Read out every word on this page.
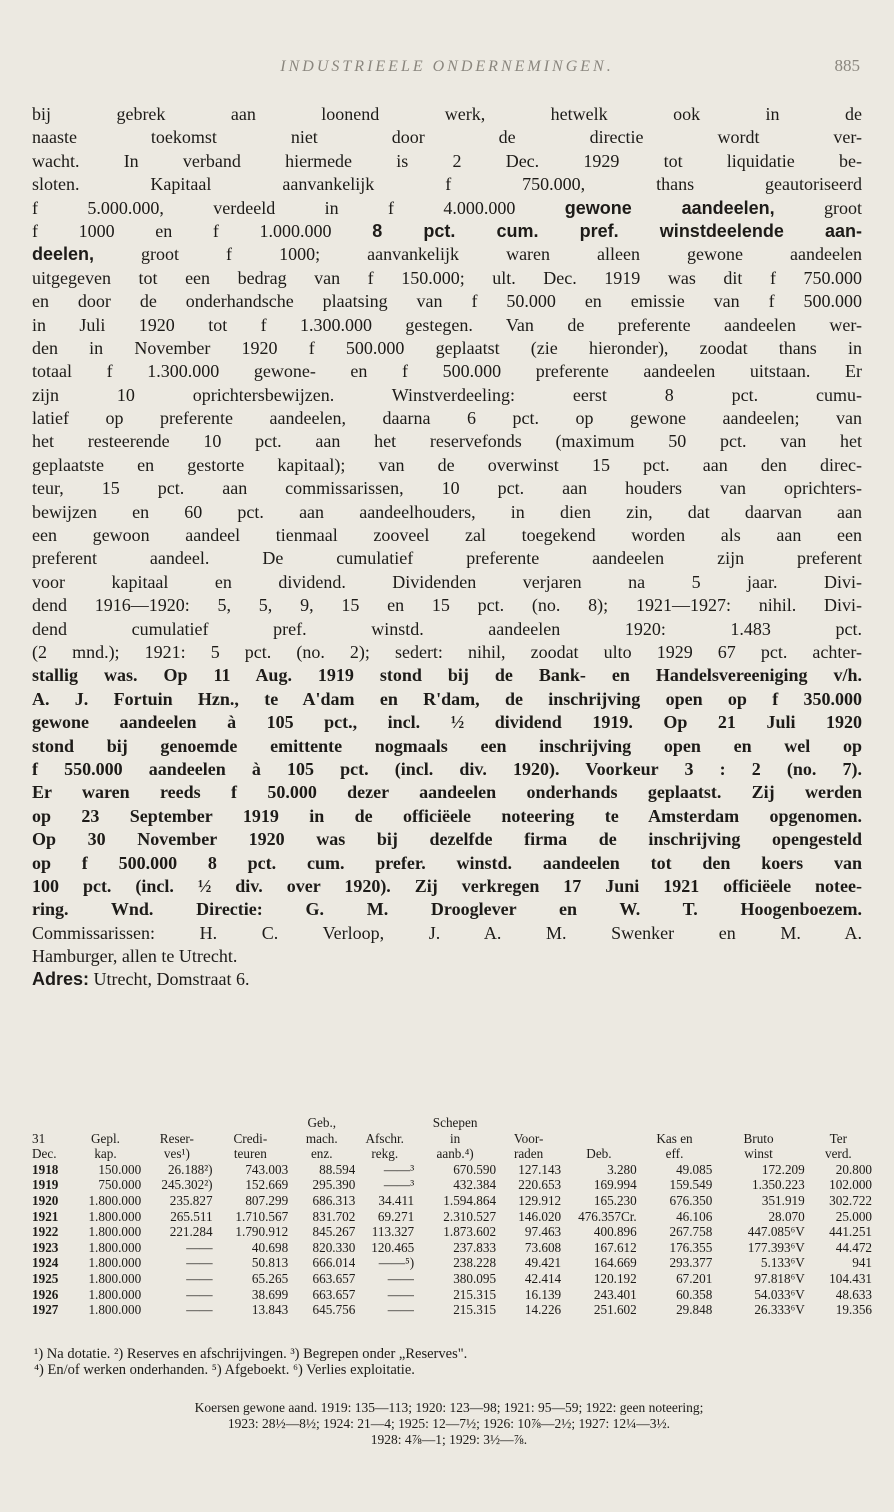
INDUSTRIEELE ONDERNEMINGEN.	885
bij gebrek aan loonend werk, hetwelk ook in de
naaste toekomst niet door de directie wordt ver-
wacht. In verband hiermede is 2 Dec. 1929 tot liquidatie be-
sloten. Kapitaal aanvankelijk f 750.000, thans geautoriseerd
f 5.000.000, verdeeld in f 4.000.000 gewone aandeelen, groot
f 1000 en f 1.000.000 8 pct. cum. pref. winstdeelende aan-
deelen, groot f 1000; aanvankelijk waren alleen gewone aandeelen
uitgegeven tot een bedrag van f 150.000; ult. Dec. 1919 was dit f 750.000
en door de onderhandsche plaatsing van f 50.000 en emissie van f 500.000
in Juli 1920 tot f 1.300.000 gestegen. Van de preferente aandeelen wer-
den in November 1920 f 500.000 geplaatst (zie hieronder), zoodat thans in
totaal f 1.300.000 gewone- en f 500.000 preferente aandeelen uitstaan. Er
zijn 10 oprichtersbewijzen. Winstverdeeling: eerst 8 pct. cumu-
latief op preferente aandeelen, daarna 6 pct. op gewone aandeelen; van
het resteerende 10 pct. aan het reservefonds (maximum 50 pct. van het
geplaatste en gestorte kapitaal); van de overwinst 15 pct. aan den direc-
teur, 15 pct. aan commissarissen, 10 pct. aan houders van oprichters-
bewijzen en 60 pct. aan aandeelhouders, in dien zin, dat daarvan aan
een gewoon aandeel tienmaal zooveel zal toegekend worden als aan een
preferent aandeel. De cumulatief preferente aandeelen zijn preferent
voor kapitaal en dividend. Dividenden verjaren na 5 jaar. Divi-
dend 1916—1920: 5, 5, 9, 15 en 15 pct. (no. 8); 1921—1927: nihil. Divi-
dend cumulatief pref. winstd. aandeelen 1920: 1.483 pct.
(2 mnd.); 1921: 5 pct. (no. 2); sedert: nihil, zoodat ulto 1929 67 pct. achter-
stallig was. Op 11 Aug. 1919 stond bij de Bank- en Handelsvereeniging v/h.
A. J. Fortuin Hzn., te A'dam en R'dam, de inschrijving open op f 350.000
gewone aandeelen à 105 pct., incl. ½ dividend 1919. Op 21 Juli 1920
stond bij genoemde emittente nogmaals een inschrijving open en wel op
f 550.000 aandeelen à 105 pct. (incl. div. 1920). Voorkeur 3 : 2 (no. 7).
Er waren reeds f 50.000 dezer aandeelen onderhands geplaatst. Zij werden
op 23 September 1919 in de officiëele noteering te Amsterdam opgenomen.
Op 30 November 1920 was bij dezelfde firma de inschrijving opengesteld
op f 500.000 8 pct. cum. prefer. winstd. aandeelen tot den koers van
100 pct. (incl. ½ div. over 1920). Zij verkregen 17 Juni 1921 officiëele notee-
ring. Wnd. Directie: G. M. Drooglever en W. T. Hoogenboezem.
Commissarissen: H. C. Verloop, J. A. M. Swenker en M. A.
Hamburger, allen te Utrecht.
Adres: Utrecht, Domstraat 6.
				Geb.,		Schepen					
31	Gepl.	Reser-	Credi-	mach.	Afschr.	in	Voor-		Kas en	Bruto	Ter
Dec.	kap.	ves¹)	teuren	enz.	rekg.	aanb.⁴)	raden	Deb.	eff.	winst	verd.
1918	150.000	26.188²)	743.003	88.594	——³	670.590	127.143	3.280	49.085	172.209	20.800
1919	750.000	245.302²)	152.669	295.390	——³	432.384	220.653	169.994	159.549	1.350.223	102.000
1920	1.800.000	235.827	807.299	686.313	34.411	1.594.864	129.912	165.230	676.350	351.919	302.722
1921	1.800.000	265.511	1.710.567	831.702	69.271	2.310.527	146.020	476.357Cr.	46.106	28.070	25.000
1922	1.800.000	221.284	1.790.912	845.267	113.327	1.873.602	97.463	400.896	267.758	447.085⁶V	441.251
1923	1.800.000	——	40.698	820.330	120.465	237.833	73.608	167.612	176.355	177.393⁶V	44.472
1924	1.800.000	——	50.813	666.014	——⁵)	238.228	49.421	164.669	293.377	5.133⁶V	941
1925	1.800.000	——	65.265	663.657	——	380.095	42.414	120.192	67.201	97.818⁶V	104.431
1926	1.800.000	——	38.699	663.657	——	215.315	16.139	243.401	60.358	54.033⁶V	48.633
1927	1.800.000	——	13.843	645.756	——	215.315	14.226	251.602	29.848	26.333⁶V	19.356
¹) Na dotatie. ²) Reserves en afschrijvingen. ³) Begrepen onder „Reserves".
⁴) En/of werken onderhanden. ⁵) Afgeboekt. ⁶) Verlies exploitatie.
Koersen gewone aand. 1919: 135—113; 1920: 123—98; 1921: 95—59; 1922: geen noteering;
1923: 28½—8½; 1924: 21—4; 1925: 12—7½; 1926: 10⅞—2½; 1927: 12¼—3½.
1928: 4⅞—1; 1929: 3½—⅞.
